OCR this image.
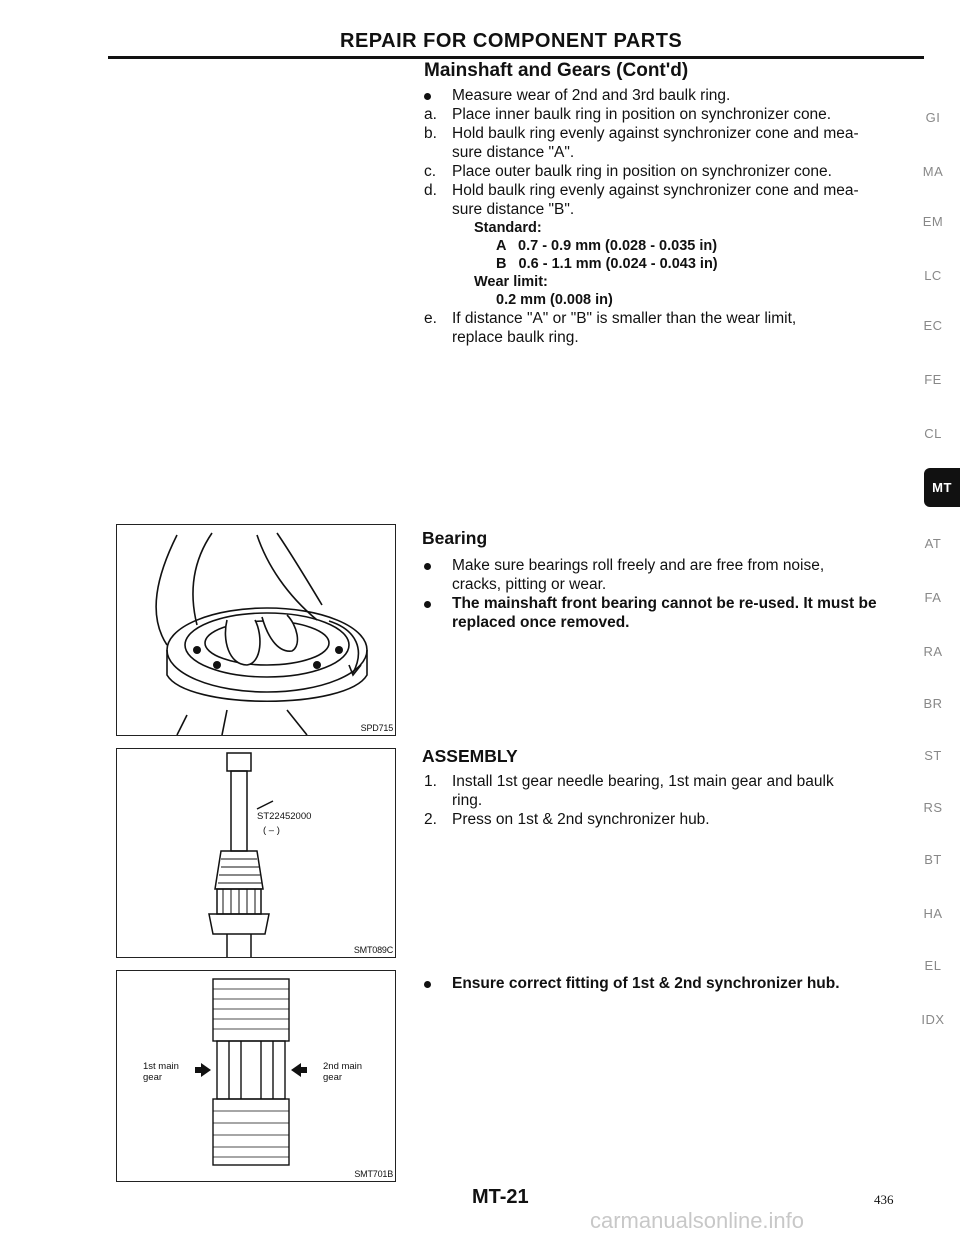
REPAIR FOR COMPONENT PARTS
Mainshaft and Gears (Cont'd)
Measure wear of 2nd and 3rd baulk ring.
a. Place inner baulk ring in position on synchronizer cone.
b. Hold baulk ring evenly against synchronizer cone and mea-
sure distance "A".
c.	Place outer baulk ring in position on synchronizer cone.
d. Hold baulk ring evenly against synchronizer cone and mea-
sure distance "B".
Standard:
A   0.7 - 0.9 mm (0.028 - 0.035 in)
B   0.6 - 1.1 mm (0.024 - 0.043 in)
Wear limit:
0.2 mm (0.008 in)
e. If distance "A" or "B" is smaller than the wear limit,
replace baulk ring.
SPD715
Bearing
Make sure bearings roll freely and are free from noise,
cracks, pitting or wear.
The mainshaft front bearing cannot be re-used. It must be
replaced once removed.
ST22452000
( – )
SMT089C
ASSEMBLY
1. Install 1st gear needle bearing, 1st main gear and baulk
ring.
2. Press on 1st & 2nd synchronizer hub.
1st main
gear
2nd main
gear
SMT701B
Ensure correct fitting of 1st & 2nd synchronizer hub.
GI
MA
EM
LC
EC
FE
CL
MT
AT
FA
RA
BR
ST
RS
BT
HA
EL
IDX
MT-21	436
carmanualsonline.info
